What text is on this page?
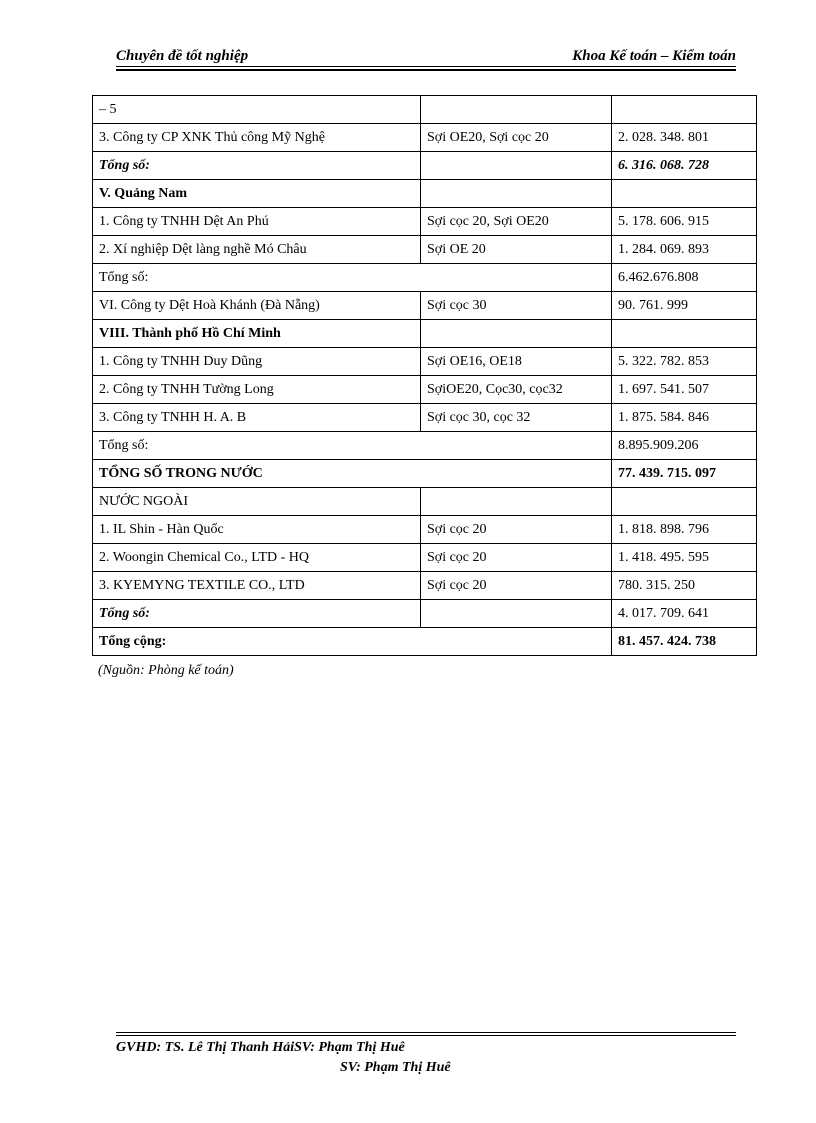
Chuyên đề tốt nghiệp	Khoa Kế toán – Kiểm toán
– 5		
3. Công ty CP XNK Thủ công Mỹ Nghệ	Sợi OE20, Sợi cọc 20	2. 028. 348. 801
Tổng số:		6. 316. 068. 728
V. Quảng Nam		
1. Công ty TNHH Dệt An Phú	Sợi cọc 20, Sợi OE20	5. 178. 606. 915
2. Xí nghiệp Dệt làng nghề Mó Châu	Sợi OE 20	1. 284. 069. 893
Tổng số:		6.462.676.808
VI. Công ty Dệt Hoà Khánh (Đà Nẵng)	Sợi cọc 30	90. 761. 999
VIII. Thành phố Hồ Chí Minh		
1. Công ty TNHH Duy Dũng	Sợi OE16, OE18	5. 322. 782. 853
2. Công ty TNHH Tường Long	SợiOE20, Cọc30, cọc32	1. 697. 541. 507
3. Công ty TNHH H. A. B	Sợi cọc 30, cọc 32	1. 875. 584. 846
Tổng số:		8.895.909.206
TỔNG SỐ TRONG NƯỚC		77. 439. 715. 097
NƯỚC NGOÀI		
1. IL Shin - Hàn Quốc	Sợi cọc 20	1. 818. 898. 796
2. Woongin Chemical Co., LTD - HQ	Sợi cọc 20	1. 418. 495. 595
3. KYEMYNG TEXTILE CO., LTD	Sợi cọc 20	780. 315. 250
Tổng số:		4. 017. 709. 641
Tổng cộng:		81. 457. 424. 738
(Nguồn: Phòng kế toán)
GVHD: TS. Lê Thị Thanh HảiSV: Phạm Thị Huê
SV: Phạm Thị Huê
